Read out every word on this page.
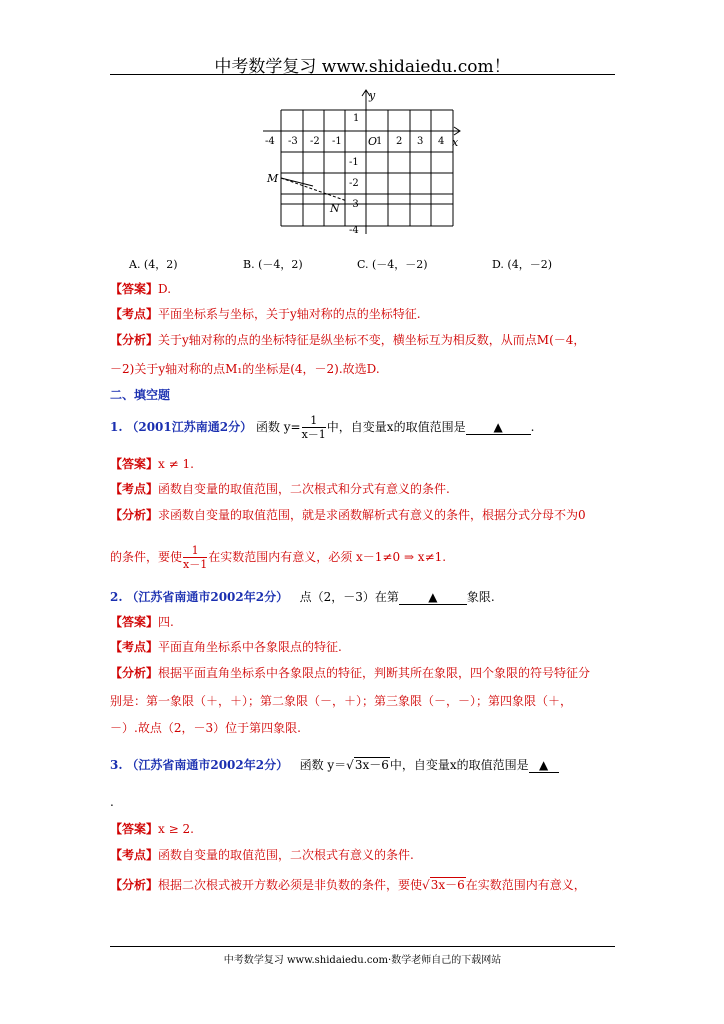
中考数学复习 www.shidaiedu.com！
y
x
O
-4 -3 -2 -1	1 2 3 4
1
-1
-2
-3
-4
M
N
A. (4，2)	B. (－4，2)	C. (－4，－2)	D. (4，－2)
【答案】D.
【考点】平面坐标系与坐标，关于y轴对称的点的坐标特征.
【分析】关于y轴对称的点的坐标特征是纵坐标不变，横坐标互为相反数，从而点M(－4，
－2)关于y轴对称的点M₁的坐标是(4，－2).故选D.
二、填空题
1. （2001江苏南通2分） 函数 $y= \frac{1}{x-1}$ 中，自变量x的取值范围是 ▲ .
【答案】x ≠ 1.
【考点】函数自变量的取值范围，二次根式和分式有意义的条件.
【分析】求函数自变量的取值范围，就是求函数解析式有意义的条件，根据分式分母不为0
的条件，要使 $\frac{1}{x-1}$ 在实数范围内有意义，必须 x－1≠0 ⇒ x≠1.
2. （江苏省南通市2002年2分） 点（2，－3）在第 ▲ 象限.
【答案】四.
【考点】平面直角坐标系中各象限点的特征.
【分析】根据平面直角坐标系中各象限点的特征，判断其所在象限，四个象限的符号特征分
别是：第一象限（＋，＋）；第二象限（－，＋）；第三象限（－，－）；第四象限（＋，
－）.故点（2，－3）位于第四象限.
3. （江苏省南通市2002年2分） 函数 y＝√3x－6中，自变量x的取值范围是 ▲
.
【答案】x ≥ 2.
【考点】函数自变量的取值范围，二次根式有意义的条件.
【分析】根据二次根式被开方数必须是非负数的条件，要使√3x－6在实数范围内有意义，
中考数学复习 www.shidaiedu.com·数学老师自己的下载网站
